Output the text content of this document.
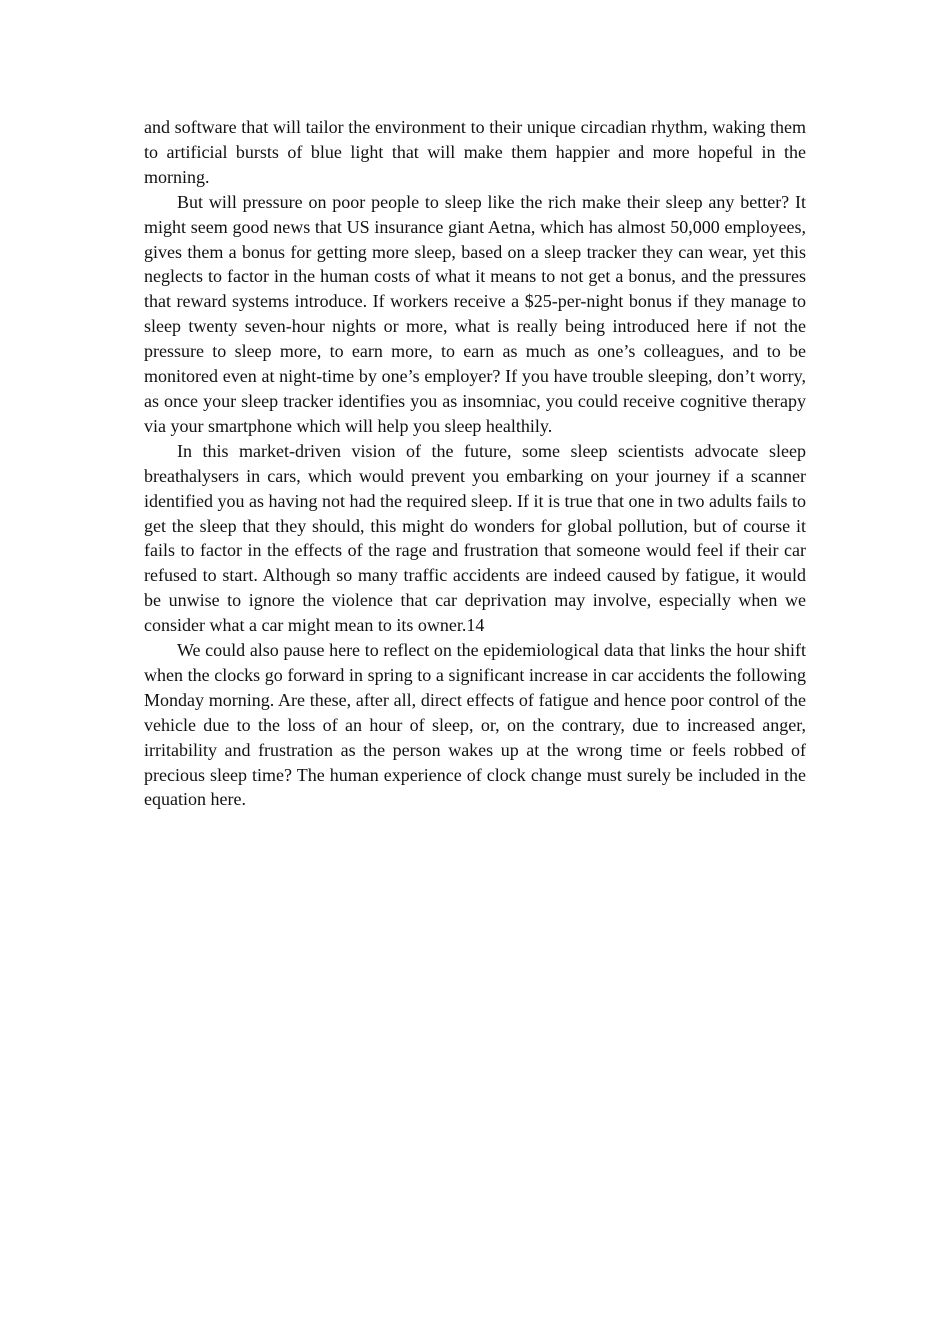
and software that will tailor the environment to their unique circadian rhythm, waking them to artificial bursts of blue light that will make them happier and more hopeful in the morning.

But will pressure on poor people to sleep like the rich make their sleep any better? It might seem good news that US insurance giant Aetna, which has almost 50,000 employees, gives them a bonus for getting more sleep, based on a sleep tracker they can wear, yet this neglects to factor in the human costs of what it means to not get a bonus, and the pressures that reward systems introduce. If workers receive a $25-per-night bonus if they manage to sleep twenty seven-hour nights or more, what is really being introduced here if not the pressure to sleep more, to earn more, to earn as much as one’s colleagues, and to be monitored even at night-time by one’s employer? If you have trouble sleeping, don’t worry, as once your sleep tracker identifies you as insomniac, you could receive cognitive therapy via your smartphone which will help you sleep healthily.

In this market-driven vision of the future, some sleep scientists advocate sleep breathalysers in cars, which would prevent you embarking on your journey if a scanner identified you as having not had the required sleep. If it is true that one in two adults fails to get the sleep that they should, this might do wonders for global pollution, but of course it fails to factor in the effects of the rage and frustration that someone would feel if their car refused to start. Although so many traffic accidents are indeed caused by fatigue, it would be unwise to ignore the violence that car deprivation may involve, especially when we consider what a car might mean to its owner.14

We could also pause here to reflect on the epidemiological data that links the hour shift when the clocks go forward in spring to a significant increase in car accidents the following Monday morning. Are these, after all, direct effects of fatigue and hence poor control of the vehicle due to the loss of an hour of sleep, or, on the contrary, due to increased anger, irritability and frustration as the person wakes up at the wrong time or feels robbed of precious sleep time? The human experience of clock change must surely be included in the equation here.
